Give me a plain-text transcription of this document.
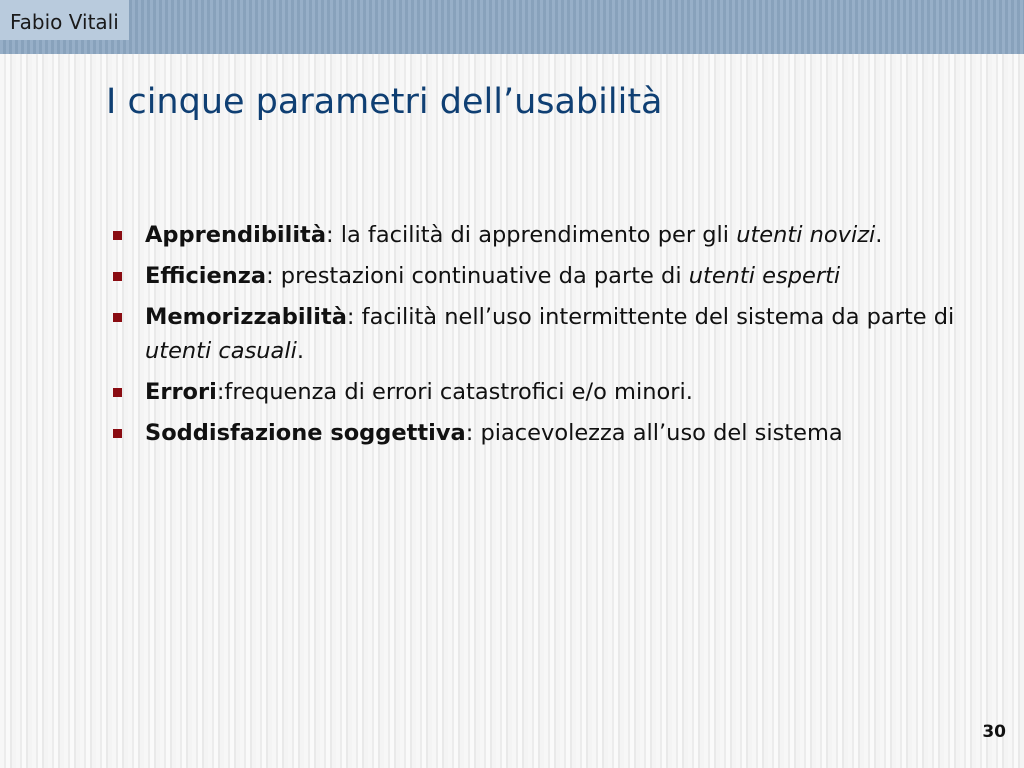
Fabio Vitali
I cinque parametri dell’usabilità
Apprendibilità: la facilità di apprendimento per gli utenti novizi.
Efficienza: prestazioni continuative da parte di utenti esperti
Memorizzabilità: facilità nell’uso intermittente del sistema da parte di utenti casuali.
Errori:frequenza di errori catastrofici e/o minori.
Soddisfazione soggettiva: piacevolezza all’uso del sistema
30
